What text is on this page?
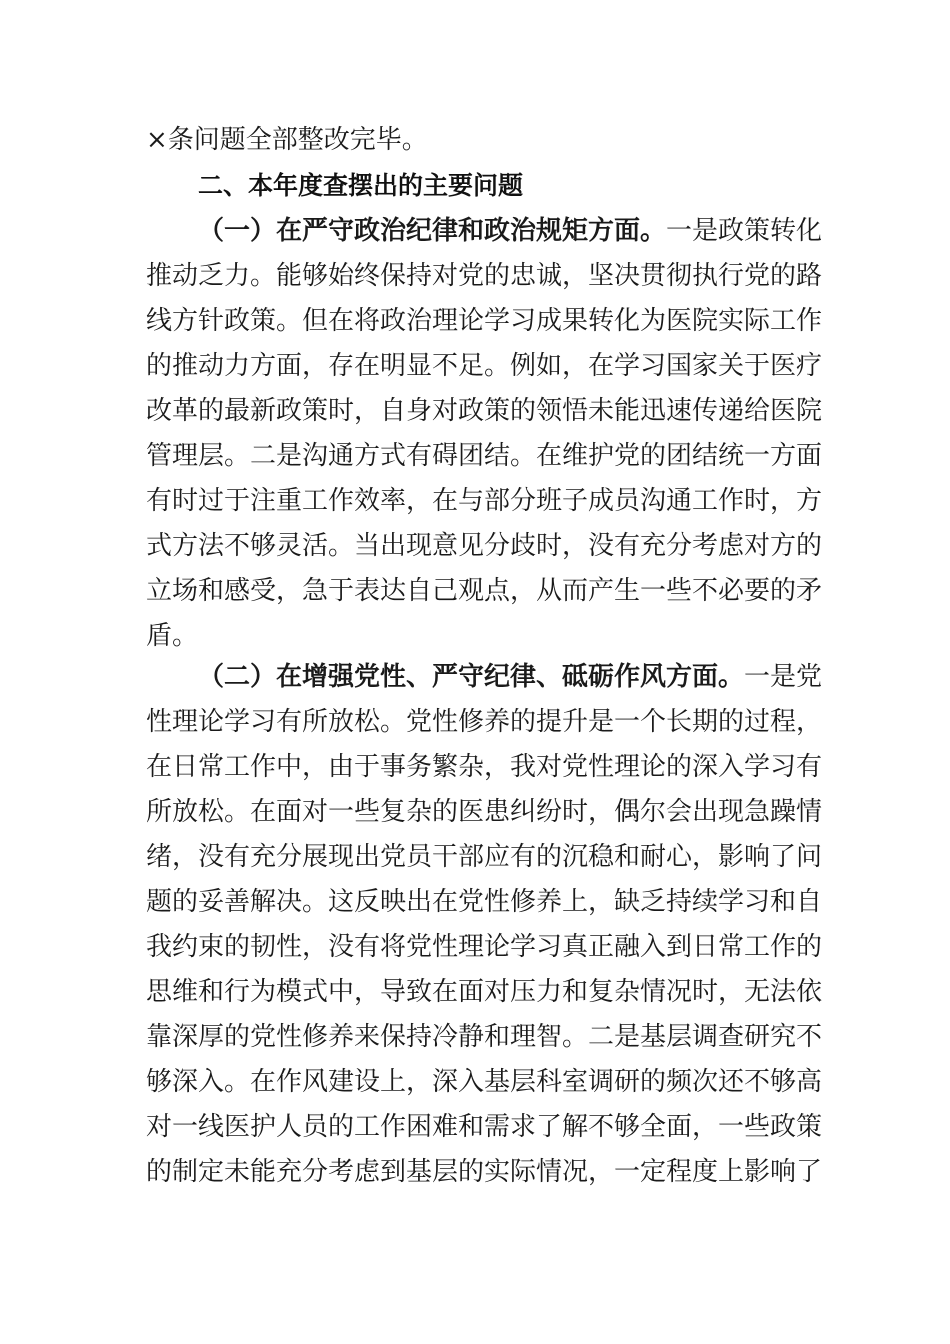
×条问题全部整改完毕。
二、本年度查摆出的主要问题
（一）在严守政治纪律和政治规矩方面。一是政策转化
推动乏力。能够始终保持对党的忠诚，坚决贯彻执行党的路
线方针政策。但在将政治理论学习成果转化为医院实际工作
的推动力方面，存在明显不足。例如，在学习国家关于医疗
改革的最新政策时，自身对政策的领悟未能迅速传递给医院
管理层。二是沟通方式有碍团结。在维护党的团结统一方面
有时过于注重工作效率，在与部分班子成员沟通工作时，方
式方法不够灵活。当出现意见分歧时，没有充分考虑对方的
立场和感受，急于表达自己观点，从而产生一些不必要的矛
盾。
（二）在增强党性、严守纪律、砥砺作风方面。一是党
性理论学习有所放松。党性修养的提升是一个长期的过程，
在日常工作中，由于事务繁杂，我对党性理论的深入学习有
所放松。在面对一些复杂的医患纠纷时，偶尔会出现急躁情
绪，没有充分展现出党员干部应有的沉稳和耐心，影响了问
题的妥善解决。这反映出在党性修养上，缺乏持续学习和自
我约束的韧性，没有将党性理论学习真正融入到日常工作的
思维和行为模式中，导致在面对压力和复杂情况时，无法依
靠深厚的党性修养来保持冷静和理智。二是基层调查研究不
够深入。在作风建设上，深入基层科室调研的频次还不够高
对一线医护人员的工作困难和需求了解不够全面，一些政策
的制定未能充分考虑到基层的实际情况，一定程度上影响了
